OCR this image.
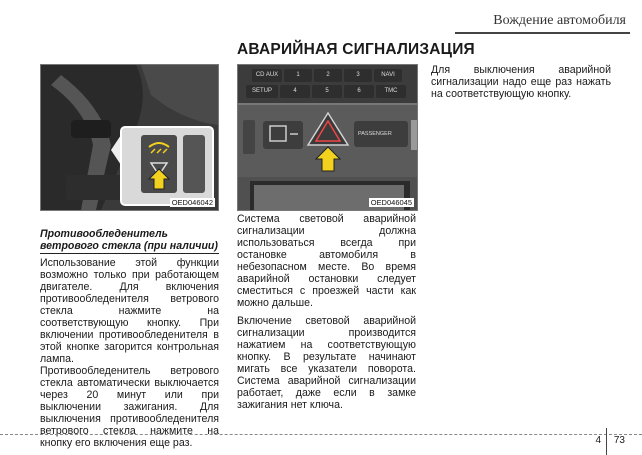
Вождение автомобиля
АВАРИЙНАЯ СИГНАЛИЗАЦИЯ
OED046042
CD AUX	1	2	3	NAVI
SETUP	4	5	6	TMC
PASSENGER
OED046045
Противообледенитель ветрового стекла (при наличии)

Использование этой функции возможно только при работающем двигателе. Для включения противообледенителя ветрового стекла нажмите на соответствующую кнопку. При включении противообледенителя в этой кнопке загорится контрольная лампа.

Противообледенитель ветрового стекла автоматически выключается через 20 минут или при выключении зажигания. Для выключения противообледенителя ветрового стекла нажмите на кнопку его включения еще раз.

Система световой аварийной сигнализации должна использоваться всегда при остановке автомобиля в небезопасном месте. Во время аварийной остановки следует сместиться с проезжей части как можно дальше.

Включение световой аварийной сигнализации производится нажатием на соответствующую кнопку. В результате начинают мигать все указатели поворота. Система аварийной сигнализации работает, даже если в замке зажигания нет ключа.

Для выключения аварийной сигнализации надо еще раз нажать на соответствующую кнопку.

4 73
